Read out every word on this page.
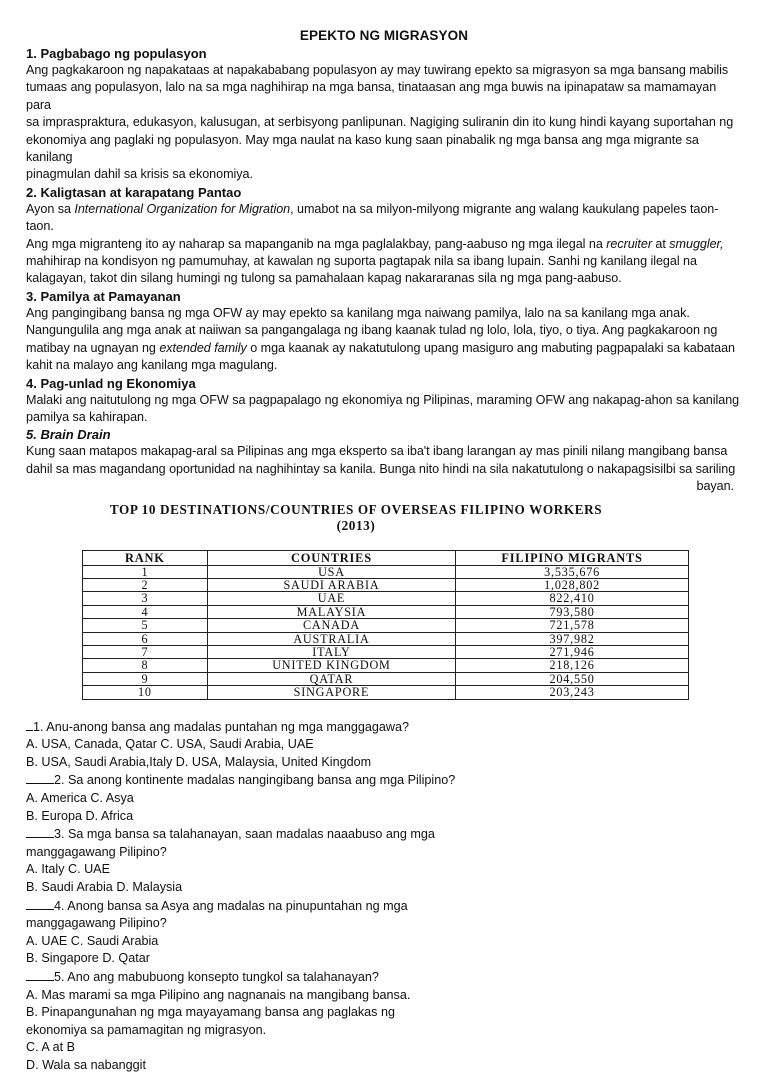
EPEKTO NG MIGRASYON

1. Pagbabago ng populasyon

Ang pagkakaroon ng napakataas at napakababang populasyon ay may tuwirang epekto sa migrasyon sa mga bansang mabilis
tumaas ang populasyon, lalo na sa mga naghihirap na mga bansa, tinataasan ang mga buwis na ipinapataw sa mamamayan para
sa imprasprakturа, edukasyon, kalusugan, at serbisyong panlipunan. Nagiging suliranin din ito kung hindi kayang suportahan ng
ekonomiya ang paglaki ng populasyon. May mga naulat na kaso kung saan pinabalik ng mga bansa ang mga migrante sa kanilang
pinagmulan dahil sa krisis sa ekonomiya.

2. Kaligtasan at karapatang Pantao

Ayon sa International Organization for Migration, umabot na sa milyon-milyong migrante ang walang kaukulang papeles taon-taon.
Ang mga migranteng ito ay naharap sa mapanganib na mga paglalakbay, pang-aabuso ng mga ilegal na recruiter at smuggler,
mahihirap na kondisyon ng pamumuhay, at kawalan ng suporta pagtapak nila sa ibang lupain. Sanhi ng kanilang ilegal na
kalagayan, takot din silang humingi ng tulong sa pamahalaan kapag nakararanas sila ng mga pang-aabuso.

3. Pamilya at Pamayanan

Ang pangingibang bansa ng mga OFW ay may epekto sa kanilang mga naiwang pamilya, lalo na sa kanilang mga anak.
Nangungulila ang mga anak at naiiwan sa pangangalaga ng ibang kaanak tulad ng lolo, lola, tiyo, o tiya. Ang pagkakaroon ng
matibay na ugnayan ng extended family o mga kaanak ay nakatutulong upang masiguro ang mabuting pagpapalaki sa kabataan
kahit na malayo ang kanilang mga magulang.

4. Pag-unlad ng Ekonomiya

Malaki ang naitutulong ng mga OFW sa pagpapalago ng ekonomiya ng Pilipinas, maraming OFW ang nakapag-ahon sa kanilang
pamilya sa kahirapan.

5. Brain Drain

Kung saan matapos makapag-aral sa Pilipinas ang mga eksperto sa iba't ibang larangan ay mas pinili nilang mangibang bansa
dahil sa mas magandang oportunidad na naghihintay sa kanila. Bunga nito hindi na sila nakatutulong o nakapagsisilbi sa sariling
bayan.

TOP 10 DESTINATIONS/COUNTRIES OF OVERSEAS FILIPINO WORKERS
(2013)
RANK	COUNTRIES	FILIPINO MIGRANTS
1	USA	3,535,676
2	SAUDI ARABIA	1,028,802
3	UAE	822,410
4	MALAYSIA	793,580
5	CANADA	721,578
6	AUSTRALIA	397,982
7	ITALY	271,946
8	UNITED KINGDOM	218,126
9	QATAR	204,550
10	SINGAPORE	203,243

1. Anu-anong bansa ang madalas puntahan ng mga manggagawa?

A. USA, Canada, Qatar C. USA, Saudi Arabia, UAE

B. USA, Saudi Arabia,Italy D. USA, Malaysia, United Kingdom

2. Sa anong kontinente madalas nangingibang bansa ang mga Pilipino?

A. America C. Asya

B. Europa D. Africa

3. Sa mga bansa sa talahanayan, saan madalas naaabuso ang mga

manggagawang Pilipino?

A. Italy C. UAE

B. Saudi Arabia D. Malaysia

4. Anong bansa sa Asya ang madalas na pinupuntahan ng mga

manggagawang Pilipino?

A. UAE C. Saudi Arabia

B. Singapore D. Qatar

5. Ano ang mabubuong konsepto tungkol sa talahanayan?

A. Mas marami sa mga Pilipino ang nagnanais na mangibang bansa.

B. Pinapangunahan ng mga mayayamang bansa ang paglakas ng

ekonomiya sa pamamagitan ng migrasyon.

C. A at B

D. Wala sa nabanggit
